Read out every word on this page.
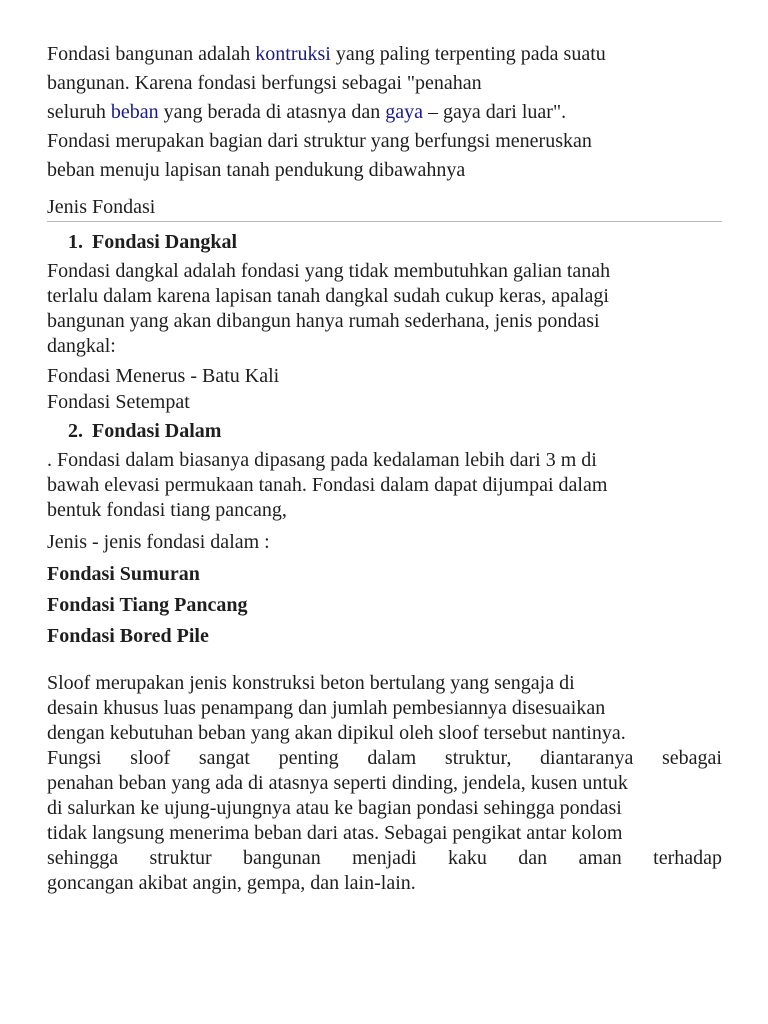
Fondasi bangunan adalah kontruksi yang paling terpenting pada suatu
bangunan. Karena fondasi berfungsi sebagai "penahan
seluruh beban yang berada di atasnya dan gaya – gaya dari luar".
Fondasi merupakan bagian dari struktur yang berfungsi meneruskan
beban menuju lapisan tanah pendukung dibawahnya
Jenis Fondasi
1. Fondasi Dangkal
Fondasi dangkal adalah fondasi yang tidak membutuhkan galian tanah
terlalu dalam karena lapisan tanah dangkal sudah cukup keras, apalagi
bangunan yang akan dibangun hanya rumah sederhana, jenis pondasi
dangkal:
Fondasi Menerus - Batu Kali
Fondasi Setempat
2. Fondasi Dalam
. Fondasi dalam biasanya dipasang pada kedalaman lebih dari 3 m di
bawah elevasi permukaan tanah. Fondasi dalam dapat dijumpai dalam
bentuk fondasi tiang pancang,
Jenis - jenis fondasi dalam :
Fondasi Sumuran
Fondasi Tiang Pancang
Fondasi Bored Pile
Sloof merupakan jenis konstruksi beton bertulang yang sengaja di
desain khusus luas penampang dan jumlah pembesiannya disesuaikan
dengan kebutuhan beban yang akan dipikul oleh sloof tersebut nantinya.
Fungsi sloof sangat penting dalam struktur, diantaranya sebagai
penahan beban yang ada di atasnya seperti dinding, jendela, kusen untuk
di salurkan ke ujung-ujungnya atau ke bagian pondasi sehingga pondasi
tidak langsung menerima beban dari atas. Sebagai pengikat antar kolom
sehingga struktur bangunan menjadi kaku dan aman terhadap
goncangan akibat angin, gempa, dan lain-lain.
